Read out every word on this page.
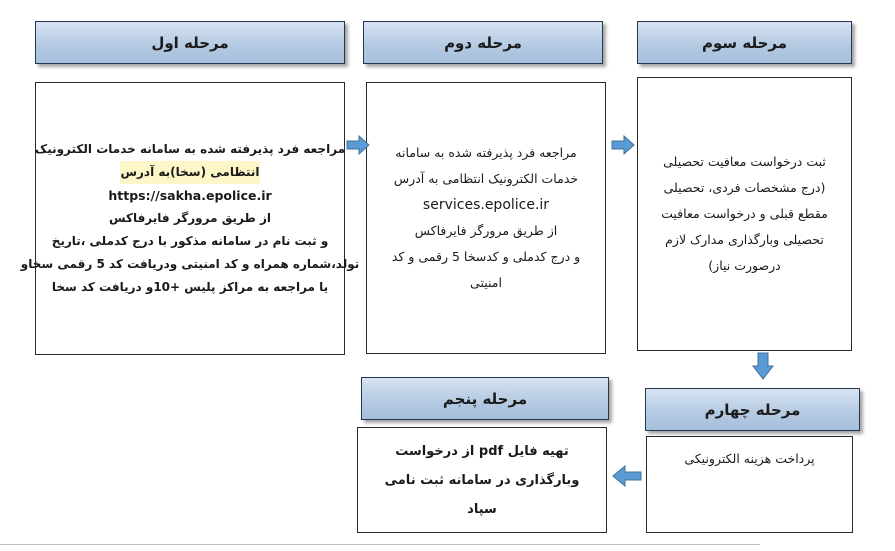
مرحله اول
مراجعه فرد پذیرفته شده به سامانه خدمات الکترونیک
انتظامی (سخا)به آدرس
https://sakha.epolice.ir
از طریق مرورگر فایرفاکس
و ثبت نام در سامانه مذکور با درج کدملی ،تاریخ
تولد،شماره همراه و کد امنیتی ودریافت کد 5 رقمی سخاو
یا مراجعه به مراکز پلیس +10و دریافت کد سخا
مرحله دوم
مراجعه فرد پذیرفته شده به سامانه
خدمات الکترونیک انتظامی به آدرس
services.epolice.ir
از طریق مرورگر فایرفاکس
و درج کدملی و کدسخا 5 رقمی و کد
امنیتی
مرحله سوم
ثبت درخواست معافیت تحصیلی
(درج مشخصات فردی، تحصیلی
مقطع قبلی و درخواست معافیت
تحصیلی وبارگذاری مدارک لازم
درصورت نیاز)
مرحله چهارم
پرداخت هزینه الکترونیکی
مرحله پنجم
تهیه فایل pdf از درخواست
وبارگذاری در سامانه ثبت نامی
سپاد
